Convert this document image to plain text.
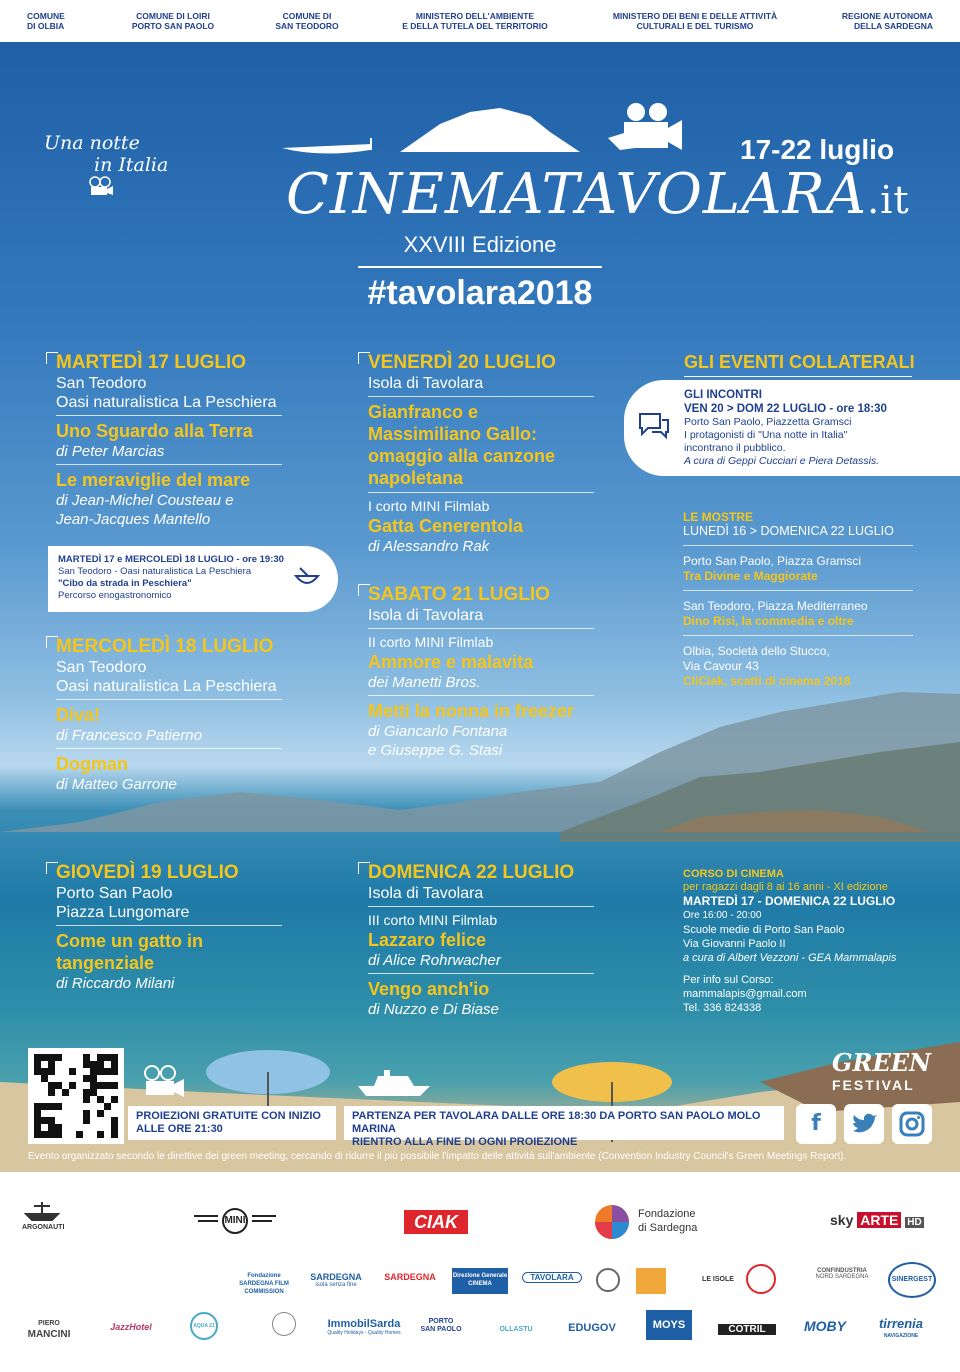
COMUNE
DI OLBIA
COMUNE DI LOIRI
PORTO SAN PAOLO
COMUNE DI
SAN TEODORO
MINISTERO DELL'AMBIENTE
E DELLA TUTELA DEL TERRITORIO
MINISTERO DEI BENI E DELLE ATTIVITÀ
CULTURALI E DEL TURISMO
REGIONE AUTONOMA
DELLA SARDEGNA
Una notte
in Italia CINEMATAVOLARA.it
XXVIII Edizione
#tavolara2018
17-22 luglio
MARTEDÌ 17 LUGLIO
San Teodoro
Oasi naturalistica La Peschiera
Uno Sguardo alla Terra
di Peter Marcias
Le meraviglie del mare
di Jean-Michel Cousteau e
Jean-Jacques Mantello
MARTEDÌ 17 e MERCOLEDÌ 18 LUGLIO - ore 19:30
San Teodoro - Oasi naturalistica La Peschiera
"Cibo da strada in Peschiera"
Percorso enogastronomico
MERCOLEDÌ 18 LUGLIO
San Teodoro
Oasi naturalistica La Peschiera
Diva!
di Francesco Patierno
Dogman
di Matteo Garrone
GIOVEDÌ 19 LUGLIO
Porto San Paolo
Piazza Lungomare
Come un gatto in
tangenziale
di Riccardo Milani
VENERDÌ 20 LUGLIO
Isola di Tavolara
Gianfranco e
Massimiliano Gallo:
omaggio alla canzone
napoletana
I corto MINI Filmlab
Gatta Cenerentola
di Alessandro Rak
SABATO 21 LUGLIO
Isola di Tavolara
II corto MINI Filmlab
Ammore e malavita
dei Manetti Bros.
Metti la nonna in freezer
di Giancarlo Fontana
e Giuseppe G. Stasi
DOMENICA 22 LUGLIO
Isola di Tavolara
III corto MINI Filmlab
Lazzaro felice
di Alice Rohrwacher
Vengo anch'io
di Nuzzo e Di Biase
GLI EVENTI COLLATERALI
GLI INCONTRI
VEN 20 > DOM 22 LUGLIO - ore 18:30
Porto San Paolo, Piazzetta Gramsci
I protagonisti di "Una notte in Italia"
incontrano il pubblico.
A cura di Geppi Cucciari e Piera Detassis.
LE MOSTRE
LUNEDÌ 16 > DOMENICA 22 LUGLIO
Porto San Paolo, Piazza Gramsci
Tra Divine e Maggiorate
San Teodoro, Piazza Mediterraneo
Dino Risi, la commedia e oltre
Olbia, Società dello Stucco,
Via Cavour 43
CliCiak, scatti di cinema 2018
CORSO DI CINEMA
per ragazzi dagli 8 ai 16 anni - XI edizione
MARTEDÌ 17 - DOMENICA 22 LUGLIO
Ore 16:00 - 20:00
Scuole medie di Porto San Paolo
Via Giovanni Paolo II
a cura di Albert Vezzoni - GEA Mammalapis
Per info sul Corso:
mammalapis@gmail.com
Tel. 336 824338
PROIEZIONI GRATUITE CON INIZIO
ALLE ORE 21:30
PARTENZA PER TAVOLARA DALLE ORE 18:30 DA PORTO SAN PAOLO MOLO MARINA
RIENTRO ALLA FINE DI OGNI PROIEZIONE
GREEN
FESTIVAL
f
Evento organizzato secondo le direttive dei green meeting, cercando di ridurre il più possibile l'impatto delle attività sull'ambiente (Convention Industry Council's Green Meetings Report).
ARGONAUTI
MINI	CIAK	Fondazione
di Sardegna	sky ARTE HD
Fondazione SARDEGNA FILM COMMISSION
SARDEGNA
isola senza fine
SARDEGNA	Direzione Generale CINEMA
TAVOLARA	LE ISOLE
CONFINDUSTRIA
NORD SARDEGNA	SINERGEST
PIERO
MANCINI
JazzHotel	AQUA 21	ImmobilSarda
Quality Holidays - Quality Homes
PORTO
SAN PAOLO	OLLASTU	EDUGOV	MOYS	COTRIL	MOBY	tirrenia
NAVIGAZIONE
